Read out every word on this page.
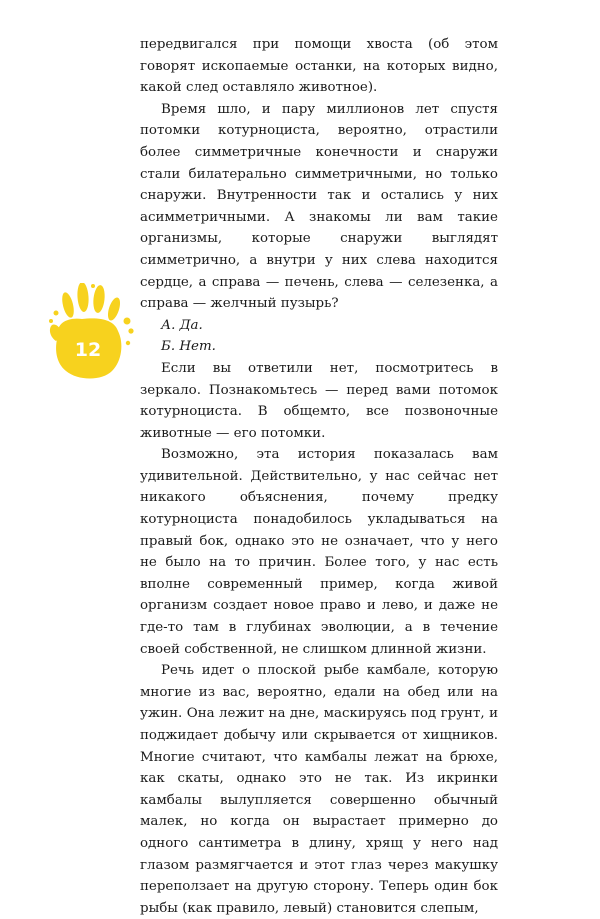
передвигался при помощи хвоста (об этом говорят ископаемые останки, на которых видно, какой след оставляло животное).

Время шло, и пару миллионов лет спустя потомки котурноциста, вероятно, отрастили более симметричные конечности и снаружи стали билатерально симметричными, но только снаружи. Внутренности так и остались у них асимметричными. А знакомы ли вам такие организмы, которые снаружи выглядят симметрично, а внутри у них слева находится сердце, а справа — печень, слева — селезенка, а справа — желчный пузырь?

А. Да.

Б. Нет.

Если вы ответили нет, посмотритесь в зеркало. Познакомьтесь — перед вами потомок котурноциста. В общемто, все позвоночные животные — его потомки.

Возможно, эта история показалась вам удивительной. Действительно, у нас сейчас нет никакого объяснения, почему предку котурноциста понадобилось укладываться на правый бок, однако это не означает, что у него не было на то причин. Более того, у нас есть вполне современный пример, когда живой организм создает новое право и лево, и даже не где-то там в глубинах эволюции, а в течение своей собственной, не слишком длинной жизни.

Речь идет о плоской рыбе камбале, которую многие из вас, вероятно, едали на обед или на ужин. Она лежит на дне, маскируясь под грунт, и поджидает добычу или скрывается от хищников. Многие считают, что камбалы лежат на брюхе, как скаты, однако это не так. Из икринки камбалы вылупляется совершенно обычный малек, но когда он вырастает примерно до одного сантиметра в длину, хрящ у него над глазом размягчается и этот глаз через макушку переползает на другую сторону. Теперь один бок рыбы (как правило, левый) становится слепым,

12
